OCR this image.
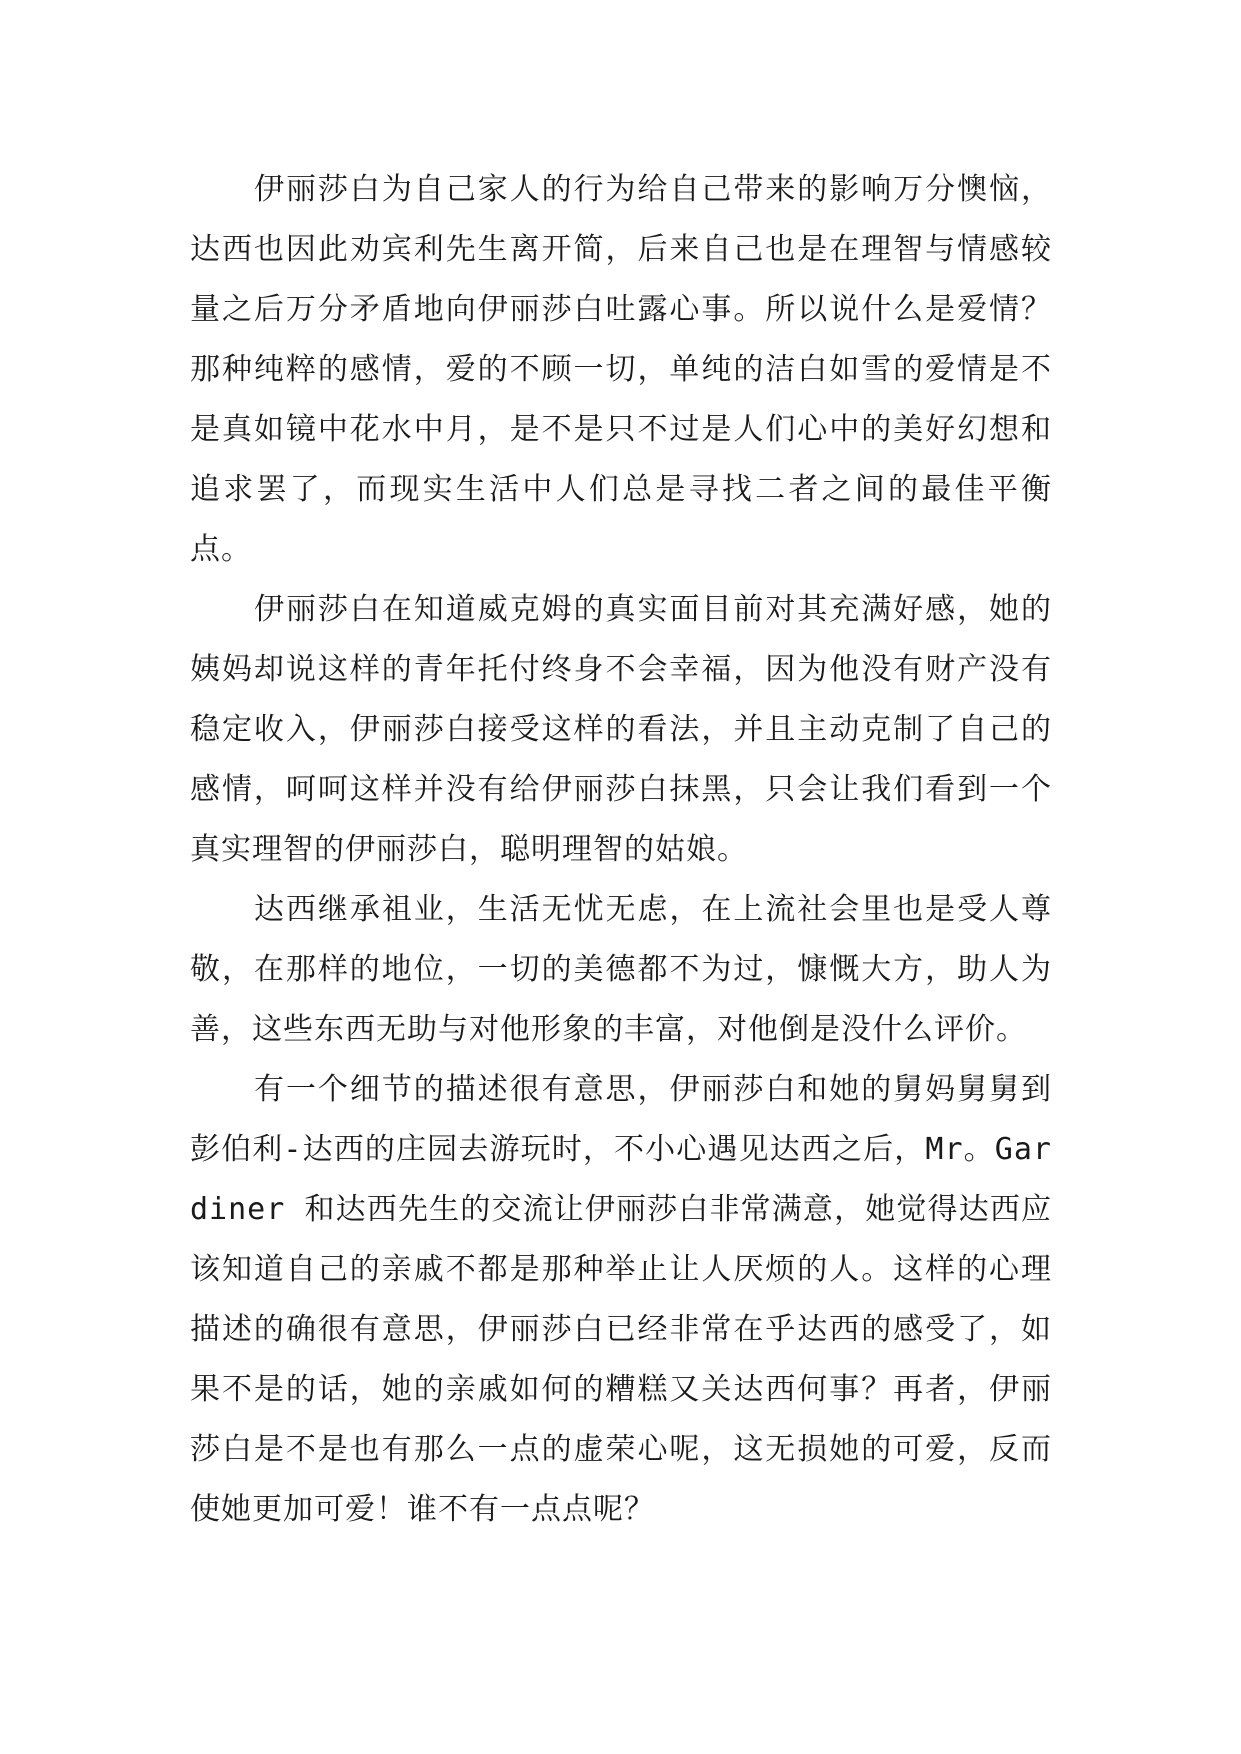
伊丽莎白为自己家人的行为给自己带来的影响万分懊恼，达西也因此劝宾利先生离开简，后来自己也是在理智与情感较量之后万分矛盾地向伊丽莎白吐露心事。所以说什么是爱情？那种纯粹的感情，爱的不顾一切，单纯的洁白如雪的爱情是不是真如镜中花水中月，是不是只不过是人们心中的美好幻想和追求罢了，而现实生活中人们总是寻找二者之间的最佳平衡点。

伊丽莎白在知道威克姆的真实面目前对其充满好感，她的姨妈却说这样的青年托付终身不会幸福，因为他没有财产没有稳定收入，伊丽莎白接受这样的看法，并且主动克制了自己的感情，呵呵这样并没有给伊丽莎白抹黑，只会让我们看到一个真实理智的伊丽莎白，聪明理智的姑娘。

达西继承祖业，生活无忧无虑，在上流社会里也是受人尊敬，在那样的地位，一切的美德都不为过，慷慨大方，助人为善，这些东西无助与对他形象的丰富，对他倒是没什么评价。

有一个细节的描述很有意思，伊丽莎白和她的舅妈舅舅到彭伯利-达西的庄园去游玩时，不小心遇见达西之后，Mr。Gardiner 和达西先生的交流让伊丽莎白非常满意，她觉得达西应该知道自己的亲戚不都是那种举止让人厌烦的人。这样的心理描述的确很有意思，伊丽莎白已经非常在乎达西的感受了，如果不是的话，她的亲戚如何的糟糕又关达西何事？再者，伊丽莎白是不是也有那么一点的虚荣心呢，这无损她的可爱，反而使她更加可爱！谁不有一点点呢？
